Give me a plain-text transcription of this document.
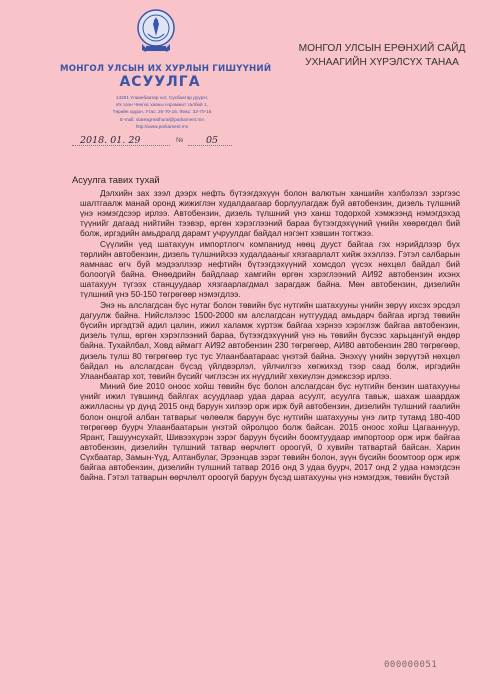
МОНГОЛ УЛСЫН ИХ ХУРЛЫН ГИШҮҮНИЙ
АСУУЛГА
14201 Улаанбаатар хот, Сүхбаатар дүүрэг,
Их эзэн Чингис хааны нэрэмжит талбай 1,
Төрийн ордон, Утас: 26-70-16, Факс: 32-70-16
E-mail: statesgreathural@parliament.mn
http://www.parliament.mn
2018. 01. 29	№ 05
МОНГОЛ УЛСЫН ЕРӨНХИЙ САЙД
УХНААГИЙН ХҮРЭЛСҮХ ТАНАА
Асуулга тавих тухай

Дэлхийн зах зээл дээрх нефть бүтээгдэхүүн болон валютын ханшийн хэлбэлзэл зэргээс шалтгаалж манай оронд жижиглэн худалдаагаар борлуулагдаж буй автобензин, дизель түлшний үнэ нэмэгдсээр ирлээ. Автобензин, дизель түлшний үнэ ханш тодорхой хэмжээнд нэмэгдэхэд түүнийг дагаад нийтийн тээвэр, өргөн хэрэглээний бараа бүтээгдэхүүний үнийн хөөрөгдөл бий болж, иргэдийн амьдралд дарамт учруулдаг байдал нэгэнт хэвшин тогтжээ.

Сүүлийн үед шатахуун импортлогч компаниуд нөөц дууст байгаа гэх нэрийдлээр бүх төрлийн автобензин, дизель түлшнийхээ худалдааныг хязгаарлалт хийж эхэллээ. Гэтэл салбарын яамнаас өгч буй мэдээллээр нефтийн бүтээгдэхүүний хомсдол үүсэх нөхцөл байдал бий болоогүй байна. Өнөөдрийн байдлаар хамгийн өргөн хэрэглээний АИ92 автобензин ихэнх шатахуун түгээх станцуудаар хязгаарлагдмал зарагдаж байна. Мөн автобензин, дизелийн түлшний үнэ 50-150 төгрөгөөр нэмэгдлээ.

Энэ нь алслагдсан бүс нутаг болон төвийн бүс нутгийн шатахууны үнийн зөрүү ихсэх эрсдэл дагуулж байна. Нийслэлээс 1500-2000 км алслагдсан нутгуудад амьдарч байгаа иргэд төвийн бүсийн иргэдтэй адил цалин, ижил халамж хүртэж байгаа хэрнээ хэрэглэж байгаа автобензин, дизель түлш, өргөн хэрэглээний бараа, бүтээгдэхүүний үнэ нь төвийн бүсээс харьцангуй өндөр байна. Тухайлбал, Ховд аймагт АИ92 автобензин 230 төгрөгөөр, АИ80 автобензин 280 төгрөгөөр, дизель түлш 80 төгрөгөөр тус тус Улаанбаатараас үнэтэй байна. Энэхүү үнийн зөрүүтэй нөхцөл байдал нь алслагдсан бүсэд үйлдвэрлэл, үйлчилгээ хөгжихэд тээр саад болж, иргэдийн Улаанбаатар хот, төвийн бүсийг чиглэсэн их нүүдлийг хөхиүлэн дэмжсээр ирлээ.

Миний бие 2010 оноос хойш төвийн бүс болон алслагдсан бүс нутгийн бензин шатахууны үнийг ижил түвшинд байлгах асуудлаар удаа дараа асуулт, асуулга тавьж, шахаж шаардаж ажилласны үр дүнд 2015 онд баруун хилээр орж ирж буй автобензин, дизелийн түлшний гаалийн болон онцгой албан татварыг чөлөөлж баруун бүс нутгийн шатахууны үнэ литр тутамд 180-400 төгрөгөөр буурч Улаанбаатарын үнэтэй ойролцоо болж байсан. 2015 оноос хойш Цагааннуур, Ярант, Гашуунсухайт, Шивээхүрэн зэрэг баруун бүсийн боомтуудаар импортоор орж ирж байгаа автобензин, дизелийн түлшний татвар өөрчлөгт ороогүй, 0 хувийн татвартай байсан. Харин Сүхбаатар, Замын-Үүд, Алтанбулаг, Эрээнцав зэрэг төвийн болон, зүүн бүсийн боомтоор орж ирж байгаа автобензин, дизелийн түлшний татвар 2016 онд 3 удаа буурч, 2017 онд 2 удаа нэмэгдсэн байна. Гэтэл татварын өөрчлөлт ороогүй баруун бүсэд шатахууны үнэ нэмэгдэж, төвийн бүстэй

000000051
